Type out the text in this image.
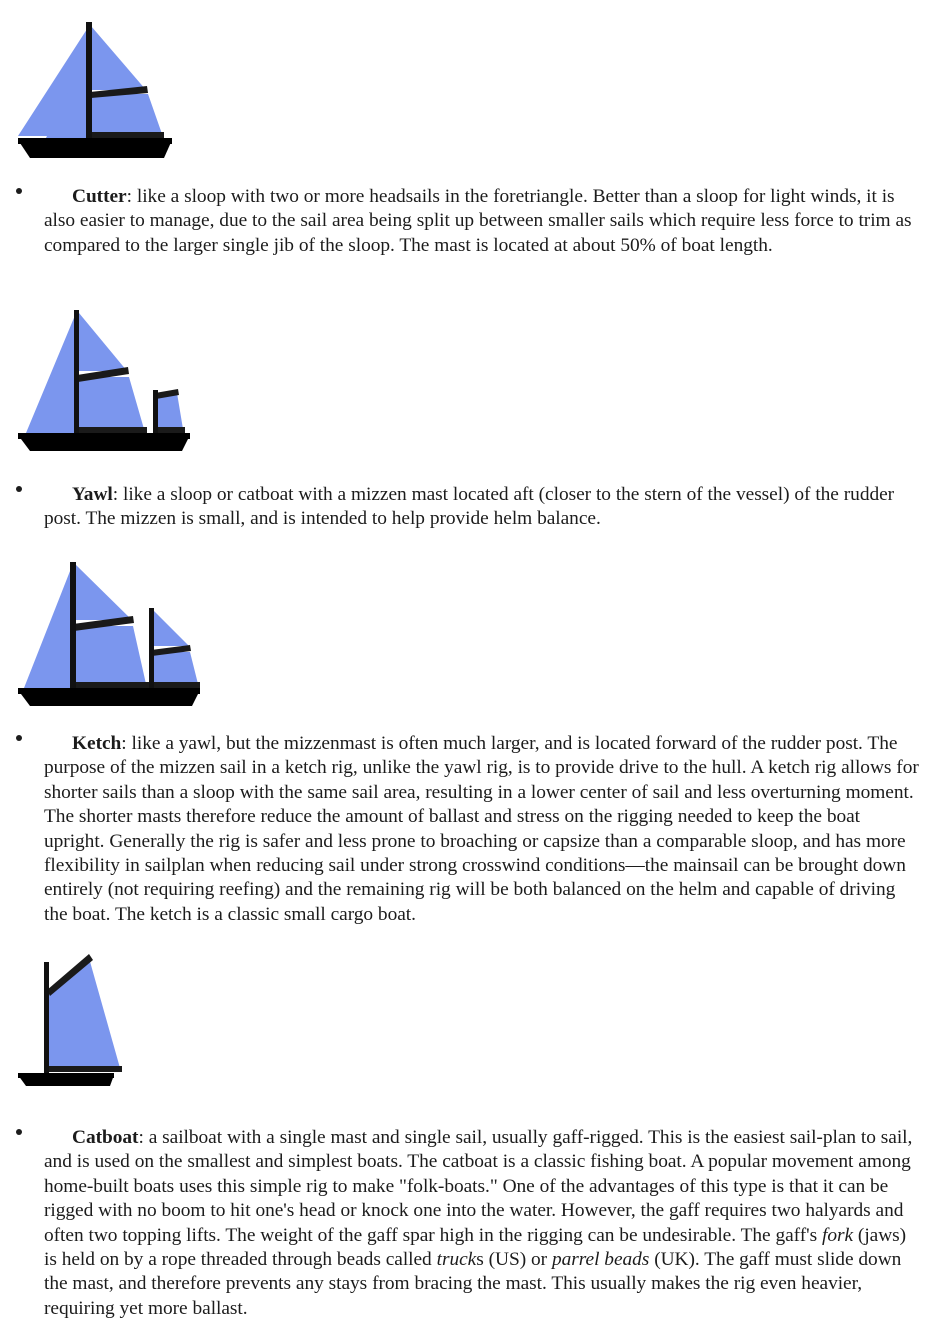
Cutter: like a sloop with two or more headsails in the foretriangle. Better than a sloop for light winds, it is also easier to manage, due to the sail area being split up between smaller sails which require less force to trim as compared to the larger single jib of the sloop. The mast is located at about 50% of boat length.

Yawl: like a sloop or catboat with a mizzen mast located aft (closer to the stern of the vessel) of the rudder post. The mizzen is small, and is intended to help provide helm balance.

Ketch: like a yawl, but the mizzenmast is often much larger, and is located forward of the rudder post. The purpose of the mizzen sail in a ketch rig, unlike the yawl rig, is to provide drive to the hull. A ketch rig allows for shorter sails than a sloop with the same sail area, resulting in a lower center of sail and less overturning moment. The shorter masts therefore reduce the amount of ballast and stress on the rigging needed to keep the boat upright. Generally the rig is safer and less prone to broaching or capsize than a comparable sloop, and has more flexibility in sailplan when reducing sail under strong crosswind conditions—the mainsail can be brought down entirely (not requiring reefing) and the remaining rig will be both balanced on the helm and capable of driving the boat. The ketch is a classic small cargo boat.

Catboat: a sailboat with a single mast and single sail, usually gaff-rigged. This is the easiest sail-plan to sail, and is used on the smallest and simplest boats. The catboat is a classic fishing boat. A popular movement among home-built boats uses this simple rig to make "folk-boats." One of the advantages of this type is that it can be rigged with no boom to hit one's head or knock one into the water. However, the gaff requires two halyards and often two topping lifts. The weight of the gaff spar high in the rigging can be undesirable. The gaff's fork (jaws) is held on by a rope threaded through beads called trucks (US) or parrel beads (UK). The gaff must slide down the mast, and therefore prevents any stays from bracing the mast. This usually makes the rig even heavier, requiring yet more ballast.
